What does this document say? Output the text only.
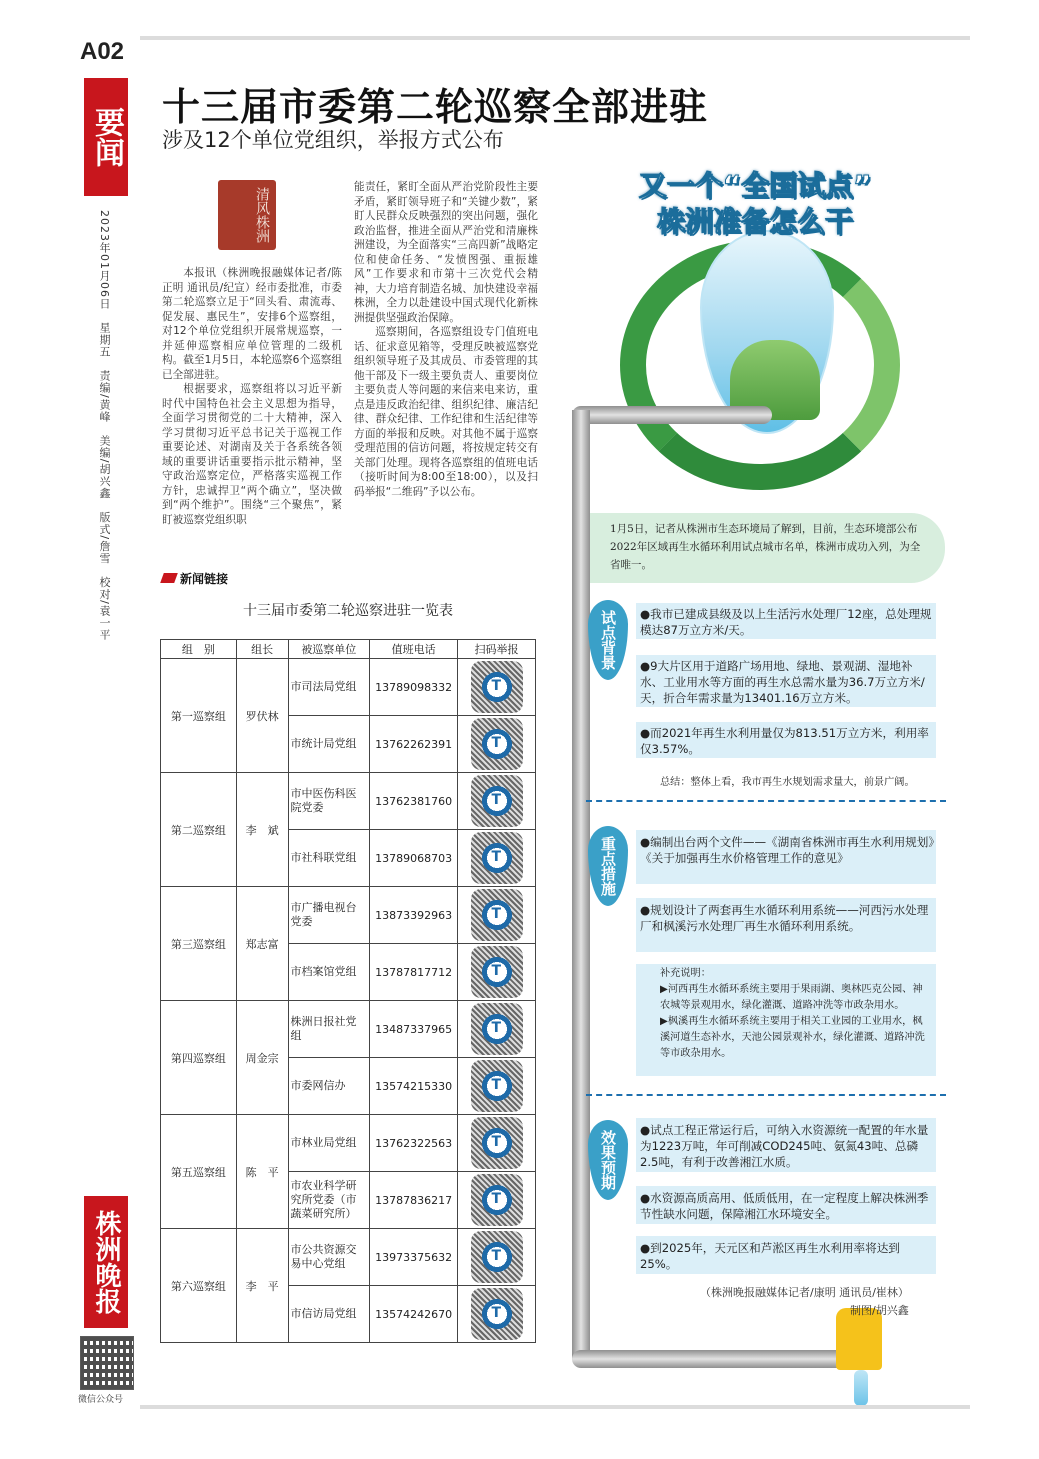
A02
要闻
2023年01月06日　星期五　责编/黄峰　美编/胡兴鑫　版式/詹雪　校对/袁一平
株洲晚报
微信公众号
十三届市委第二轮巡察全部进驻
涉及12个单位党组织，举报方式公布
清风株洲

本报讯（株洲晚报融媒体记者/陈正明 通讯员/纪宣）经市委批准，市委第二轮巡察立足于“回头看、肃流毒、促发展、惠民生”，安排6个巡察组，对12个单位党组织开展常规巡察，一并延伸巡察相应单位管理的二级机构。截至1月5日，本轮巡察6个巡察组已全部进驻。

根据要求，巡察组将以习近平新时代中国特色社会主义思想为指导，全面学习贯彻党的二十大精神，深入学习贯彻习近平总书记关于巡视工作重要论述、对湖南及关于各系统各领域的重要讲话重要指示批示精神，坚守政治巡察定位，严格落实巡视工作方针，忠诚捍卫“两个确立”，坚决做到“两个维护”。围绕“三个聚焦”，紧盯被巡察党组织职

能责任，紧盯全面从严治党阶段性主要矛盾，紧盯领导班子和“关键少数”，紧盯人民群众反映强烈的突出问题，强化政治监督，推进全面从严治党和清廉株洲建设，为全面落实“三高四新”战略定位和使命任务、“发愤图强、重振雄风”工作要求和市第十三次党代会精神，大力培育制造名城、加快建设幸福株洲，全力以赴建设中国式现代化新株洲提供坚强政治保障。

巡察期间，各巡察组设专门值班电话、征求意见箱等，受理反映被巡察党组织领导班子及其成员、市委管理的其他干部及下一级主要负责人、重要岗位主要负责人等问题的来信来电来访，重点是违反政治纪律、组织纪律、廉洁纪律、群众纪律、工作纪律和生活纪律等方面的举报和反映。对其他不属于巡察受理范围的信访问题，将按规定转交有关部门处理。现将各巡察组的值班电话（接听时间为8:00至18:00），以及扫码举报“二维码”予以公布。

新闻链接
十三届市委第二轮巡察进驻一览表
组　别	组长	被巡察单位	值班电话	扫码举报
第一巡察组	罗伏林	市司法局党组	13789098332	
T

		市统计局党组	13762262391	
T

第二巡察组	李　斌	市中医伤科医院党委	13762381760	
T

		市社科联党组	13789068703	
T

第三巡察组	郑志富	市广播电视台党委	13873392963	
T

		市档案馆党组	13787817712	
T

第四巡察组	周金宗	株洲日报社党组	13487337965	
T

		市委网信办	13574215330	
T

第五巡察组	陈　平	市林业局党组	13762322563	
T

		市农业科学研究所党委（市蔬菜研究所）	13787836217	
T

第六巡察组	李　平	市公共资源交易中心党组	13973375632	
T

		市信访局党组	13574242670	
T
又一个“全国试点”
株洲准备怎么干
1月5日，记者从株洲市生态环境局了解到，目前，生态环境部公布2022年区域再生水循环利用试点城市名单，株洲市成功入列，为全省唯一。
试点背景	●我市已建成县级及以上生活污水处理厂12座，总处理规模达87万立方米/天。
●9大片区用于道路广场用地、绿地、景观湖、湿地补水、工业用水等方面的再生水总需水量为36.7万立方米/天，折合年需求量为13401.16万立方米。
●而2021年再生水利用量仅为813.51万立方米，利用率仅3.57%。
总结：整体上看，我市再生水规划需求量大，前景广阔。
重点措施	●编制出台两个文件——《湖南省株洲市再生水利用规划》《关于加强再生水价格管理工作的意见》
●规划设计了两套再生水循环利用系统——河西污水处理厂和枫溪污水处理厂再生水循环利用系统。
补充说明：
▶河西再生水循环系统主要用于果雨湖、奥林匹克公园、神农城等景观用水，绿化灌溉、道路冲洗等市政杂用水。
▶枫溪再生水循环系统主要用于相关工业园的工业用水，枫溪河道生态补水，天池公园景观补水，绿化灌溉、道路冲洗等市政杂用水。
效果预期	●试点工程正常运行后，可纳入水资源统一配置的年水量为1223万吨，年可削减COD245吨、氨氮43吨、总磷2.5吨，有利于改善湘江水质。
●水资源高质高用、低质低用，在一定程度上解决株洲季节性缺水问题，保障湘江水环境安全。
●到2025年，天元区和芦淞区再生水利用率将达到25%。
（株洲晚报融媒体记者/康明 通讯员/崔林）
制图/胡兴鑫
